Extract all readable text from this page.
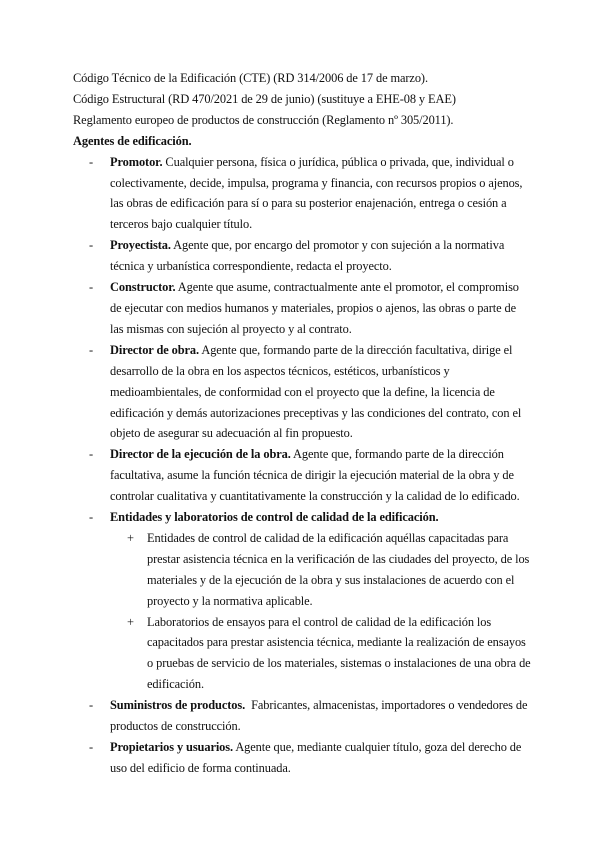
Código Técnico de la Edificación (CTE) (RD 314/2006 de 17 de marzo).
Código Estructural (RD 470/2021 de 29 de junio) (sustituye a EHE-08 y EAE)
Reglamento europeo de productos de construcción (Reglamento nº 305/2011).
Agentes de edificación.
- Promotor. Cualquier persona, física o jurídica, pública o privada, que, individual o
colectivamente, decide, impulsa, programa y financia, con recursos propios o ajenos,
las obras de edificación para sí o para su posterior enajenación, entrega o cesión a
terceros bajo cualquier título.
- Proyectista. Agente que, por encargo del promotor y con sujeción a la normativa
técnica y urbanística correspondiente, redacta el proyecto.
- Constructor. Agente que asume, contractualmente ante el promotor, el compromiso
de ejecutar con medios humanos y materiales, propios o ajenos, las obras o parte de
las mismas con sujeción al proyecto y al contrato.
- Director de obra. Agente que, formando parte de la dirección facultativa, dirige el
desarrollo de la obra en los aspectos técnicos, estéticos, urbanísticos y
medioambientales, de conformidad con el proyecto que la define, la licencia de
edificación y demás autorizaciones preceptivas y las condiciones del contrato, con el
objeto de asegurar su adecuación al fin propuesto.
- Director de la ejecución de la obra. Agente que, formando parte de la dirección
facultativa, asume la función técnica de dirigir la ejecución material de la obra y de
controlar cualitativa y cuantitativamente la construcción y la calidad de lo edificado.
- Entidades y laboratorios de control de calidad de la edificación.
+ Entidades de control de calidad de la edificación aquéllas capacitadas para
prestar asistencia técnica en la verificación de las ciudades del proyecto, de los
materiales y de la ejecución de la obra y sus instalaciones de acuerdo con el
proyecto y la normativa aplicable.
+ Laboratorios de ensayos para el control de calidad de la edificación los
capacitados para prestar asistencia técnica, mediante la realización de ensayos
o pruebas de servicio de los materiales, sistemas o instalaciones de una obra de
edificación.
- Suministros de productos.  Fabricantes, almacenistas, importadores o vendedores de
productos de construcción.
- Propietarios y usuarios. Agente que, mediante cualquier título, goza del derecho de
uso del edificio de forma continuada.
